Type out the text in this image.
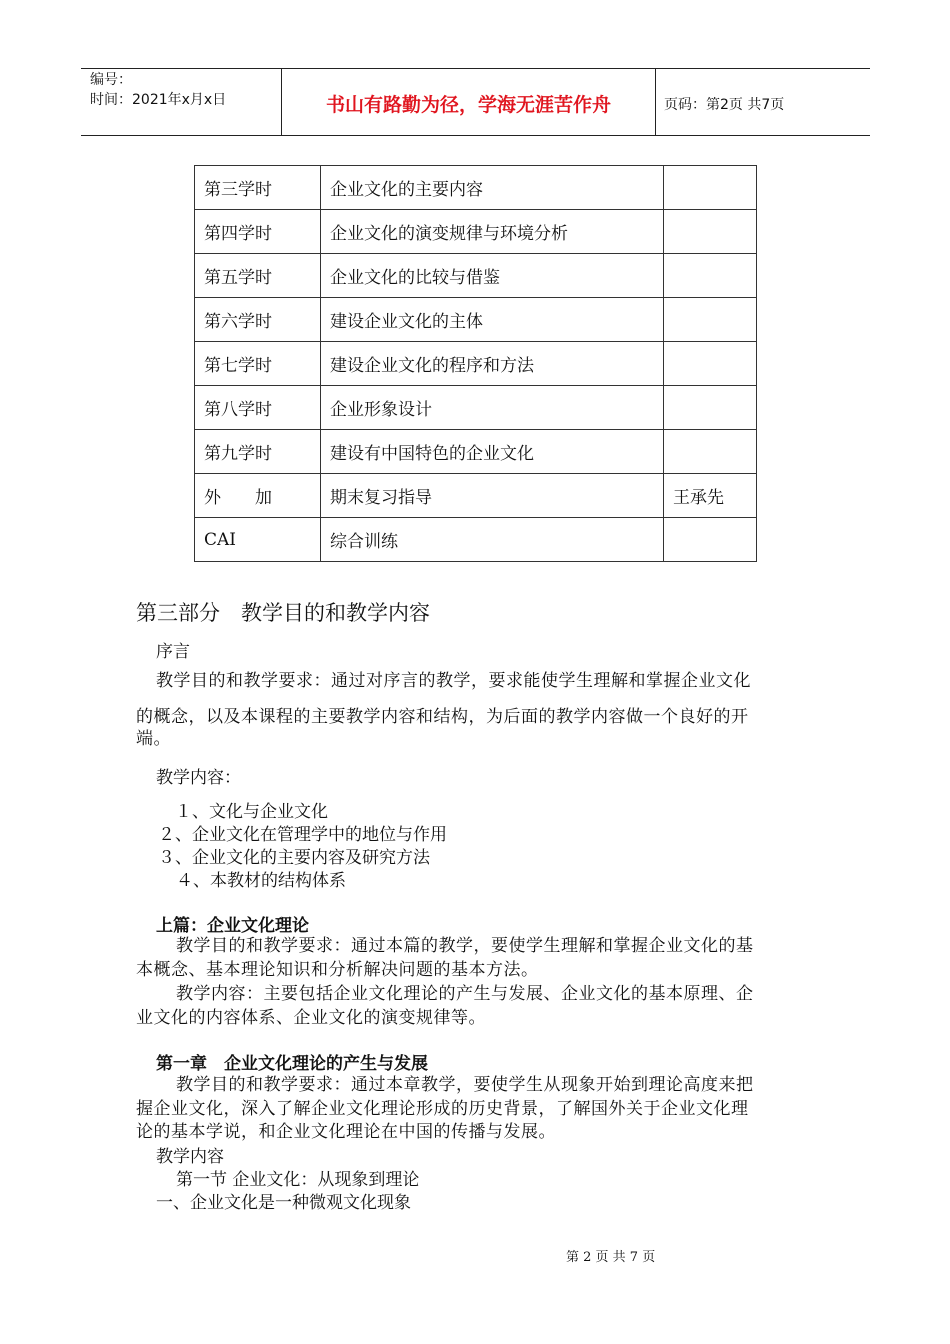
编号：
时间：2021年x月x日	书山有路勤为径，学海无涯苦作舟	页码：第2页 共7页
第三学时	企业文化的主要内容	
第四学时	企业文化的演变规律与环境分析	
第五学时	企业文化的比较与借鉴	
第六学时	建设企业文化的主体	
第七学时	建设企业文化的程序和方法	
第八学时	企业形象设计	
第九学时	建设有中国特色的企业文化	
外　　加	期末复习指导	王承先
CAI	综合训练	
第三部分　教学目的和教学内容
序言
教学目的和教学要求：通过对序言的教学，要求能使学生理解和掌握企业文化
的概念，以及本课程的主要教学内容和结构，为后面的教学内容做一个良好的开
端。
教学内容：
１、文化与企业文化
２、企业文化在管理学中的地位与作用
３、企业文化的主要内容及研究方法
４、本教材的结构体系
上篇：企业文化理论
教学目的和教学要求：通过本篇的教学，要使学生理解和掌握企业文化的基
本概念、基本理论知识和分析解决问题的基本方法。
教学内容：主要包括企业文化理论的产生与发展、企业文化的基本原理、企
业文化的内容体系、企业文化的演变规律等。
第一章　企业文化理论的产生与发展
教学目的和教学要求：通过本章教学，要使学生从现象开始到理论高度来把
握企业文化，深入了解企业文化理论形成的历史背景，了解国外关于企业文化理
论的基本学说，和企业文化理论在中国的传播与发展。
教学内容
第一节 企业文化：从现象到理论
一、企业文化是一种微观文化现象
第 2 页 共 7 页
